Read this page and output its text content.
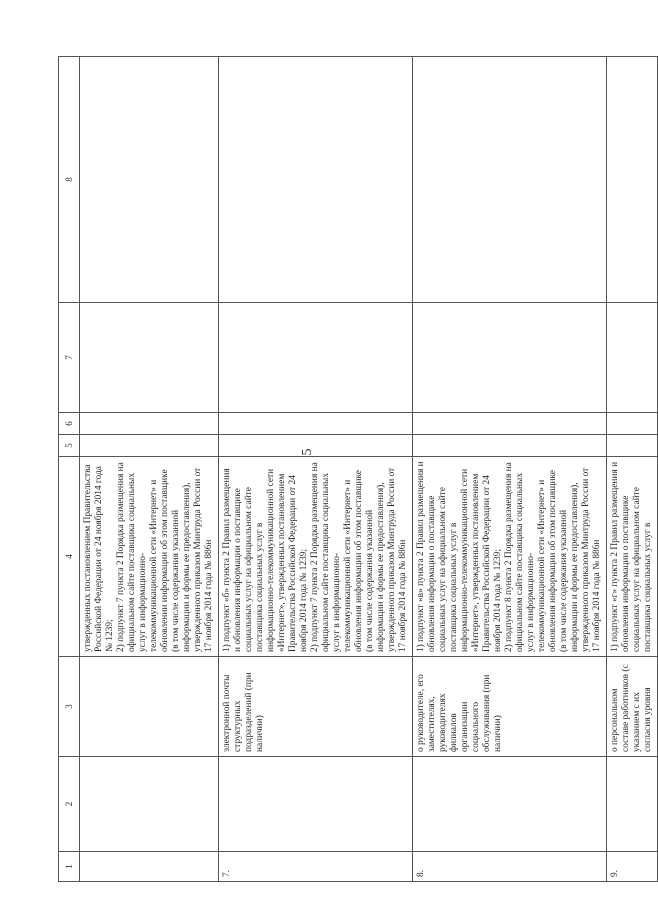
5
1	2	3	4	5	6	7	8
			утвержденных постановлением Правительства Российской Федерации от 24 ноября 2014 года № 1239;
2) подпункт 7 пункта 2 Порядка размещения на официальном сайте поставщика социальных услуг в информационно-телекоммуникационной сети «Интернет» и обновлении информации об этом поставщике (в том числе содержания указанной информации и формы ее предоставления), утвержденного приказом Минтруда России от 17 ноября 2014 года № 886н				
7.		электронной почты структурных подразделений (при наличии)	1) подпункт «б» пункта 2 Правил размещения и обновления информации о поставщике социальных услуг на официальном сайте поставщика социальных услуг в информационно-телекоммуникационной сети «Интернет», утвержденных постановлением Правительства Российской Федерации от 24 ноября 2014 года № 1239;
2) подпункт 7 пункта 2 Порядка размещения на официальном сайте поставщика социальных услуг в информационно-телекоммуникационной сети «Интернет» и обновления информации об этом поставщике (в том числе содержания указанной информации и формы ее предоставления), утвержденного приказом Минтруда России от 17 ноября 2014 года № 886н				
8.		о руководителе, его заместителях, руководителях филиалов организации социального обслуживания (при наличии)	1) подпункт «в» пункта 2 Правил размещения и обновления информации о поставщике социальных услуг на официальном сайте поставщика социальных услуг в информационно-телекоммуникационной сети «Интернет», утвержденных постановлением Правительства Российской Федерации от 24 ноября 2014 года № 1239;
2) подпункт 8 пункта 2 Порядка размещения на официальном сайте поставщика социальных услуг в информационно-телекоммуникационной сети «Интернет» и обновления информации об этом поставщике (в том числе содержания указанной информации и формы ее предоставления), утвержденного приказом Минтруда России от 17 ноября 2014 года № 886н				
9.		о персональном составе работников (с указанием с их согласия уровня	1) подпункт «г» пункта 2 Правил размещения и обновления информации о поставщике социальных услуг на официальном сайте поставщика социальных услуг в				
